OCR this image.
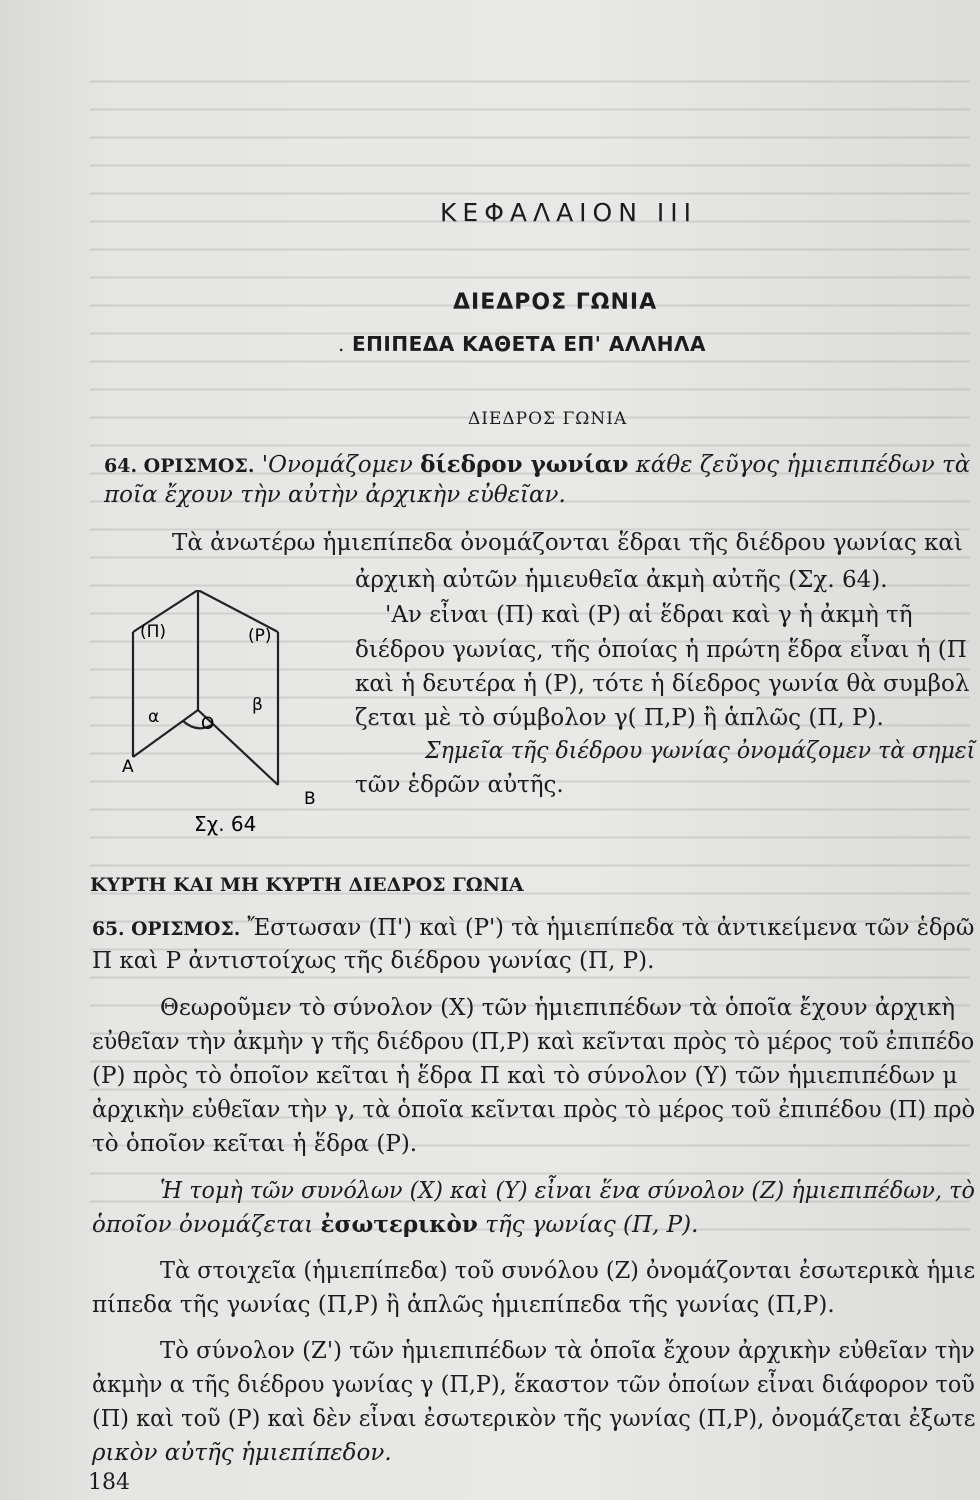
ΚΕΦΑΛΑΙΟΝ ΙΙΙ
ΔΙΕΔΡΟΣ ΓΩΝΙΑ
. ΕΠΙΠΕΔΑ ΚΑΘΕΤΑ ΕΠ' ΑΛΛΗΛΑ
ΔΙΕΔΡΟΣ ΓΩΝΙΑ
64. ΟΡΙΣΜΟΣ. 'Ονομάζομεν δίεδρον γωνίαν κάθε ζεῦγος ἡμιεπιπέδων τὰ
ποῖα ἔχουν τὴν αὐτὴν ἀρχικὴν εὐθεῖαν.
Τὰ ἀνωτέρω ἡμιεπίπεδα ὀνομάζονται ἕδραι τῆς διέδρου γωνίας καὶ
ἀρχικὴ αὐτῶν ἡμιευθεῖα ἀκμὴ αὐτῆς (Σχ. 64).
'Αν εἶναι (Π) καὶ (Ρ) αἱ ἕδραι καὶ γ ἡ ἀκμὴ τῆ
διέδρου γωνίας, τῆς ὁποίας ἡ πρώτη ἕδρα εἶναι ἡ (Π
καὶ ἡ δευτέρα ἡ (Ρ), τότε ἡ δίεδρος γωνία θὰ συμβολ
ζεται μὲ τὸ σύμβολον γ( Π,Ρ) ἢ ἁπλῶς (Π, Ρ).
Σημεῖα τῆς διέδρου γωνίας ὀνομάζομεν τὰ σημεῖ
τῶν ἑδρῶν αὐτῆς.
(Π)	(Ρ)
O
α
β
A
B
Σχ. 64
ΚΥΡΤΗ ΚΑΙ ΜΗ ΚΥΡΤΗ ΔΙΕΔΡΟΣ ΓΩΝΙΑ
65. ΟΡΙΣΜΟΣ. Ἔστωσαν (Π') καὶ (Ρ') τὰ ἡμιεπίπεδα τὰ ἀντικείμενα τῶν ἑδρῶ
Π καὶ Ρ ἀντιστοίχως τῆς διέδρου γωνίας (Π, Ρ).
Θεωροῦμεν τὸ σύνολον (Χ) τῶν ἡμιεπιπέδων τὰ ὁποῖα ἔχουν ἀρχικὴ
εὐθεῖαν τὴν ἀκμὴν γ τῆς διέδρου (Π,Ρ) καὶ κεῖνται πρὸς τὸ μέρος τοῦ ἐπιπέδο
(Ρ) πρὸς τὸ ὁποῖον κεῖται ἡ ἕδρα Π καὶ τὸ σύνολον (Υ) τῶν ἡμιεπιπέδων μ
ἀρχικὴν εὐθεῖαν τὴν γ, τὰ ὁποῖα κεῖνται πρὸς τὸ μέρος τοῦ ἐπιπέδου (Π) πρὸ
τὸ ὁποῖον κεῖται ἡ ἕδρα (Ρ).
Ἡ τομὴ τῶν συνόλων (Χ) καὶ (Υ) εἶναι ἕνα σύνολον (Ζ) ἡμιεπιπέδων, τὸ
ὁποῖον ὀνομάζεται ἐσωτερικὸν τῆς γωνίας (Π, Ρ).
Τὰ στοιχεῖα (ἡμιεπίπεδα) τοῦ συνόλου (Ζ) ὀνομάζονται ἐσωτερικὰ ἡμιε
πίπεδα τῆς γωνίας (Π,Ρ) ἢ ἁπλῶς ἡμιεπίπεδα τῆς γωνίας (Π,Ρ).
Τὸ σύνολον (Ζ') τῶν ἡμιεπιπέδων τὰ ὁποῖα ἔχουν ἀρχικὴν εὐθεῖαν τὴν
ἀκμὴν α τῆς διέδρου γωνίας γ (Π,Ρ), ἕκαστον τῶν ὁποίων εἶναι διάφορον τοῦ
(Π) καὶ τοῦ (Ρ) καὶ δὲν εἶναι ἐσωτερικὸν τῆς γωνίας (Π,Ρ), ὀνομάζεται ἐξωτε
ρικὸν αὐτῆς ἡμιεπίπεδον.
184
